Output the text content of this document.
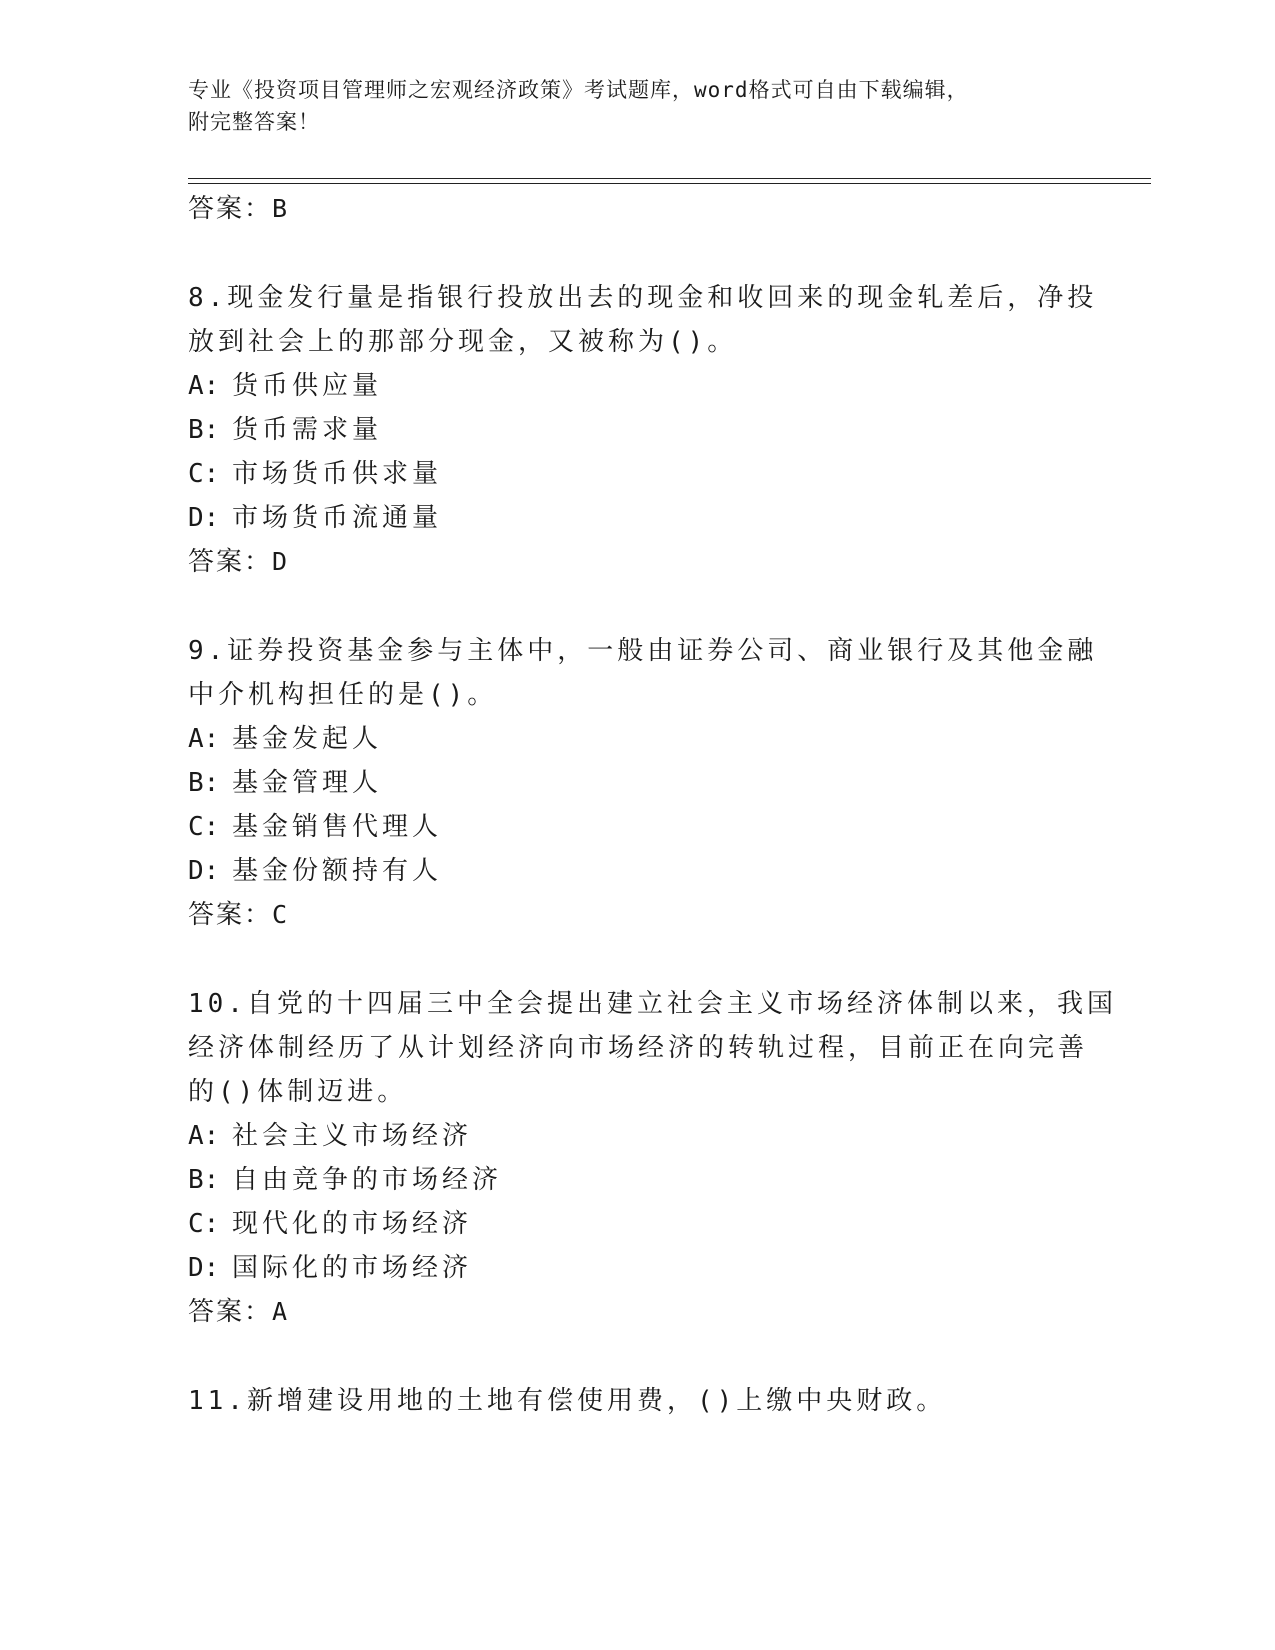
专业《投资项目管理师之宏观经济政策》考试题库，word格式可自由下载编辑，
附完整答案！
答案：B
8.现金发行量是指银行投放出去的现金和收回来的现金轧差后，净投
放到社会上的那部分现金，又被称为()。
A: 货币供应量
B: 货币需求量
C: 市场货币供求量
D: 市场货币流通量
答案：D
9.证券投资基金参与主体中，一般由证券公司、商业银行及其他金融
中介机构担任的是()。
A: 基金发起人
B: 基金管理人
C: 基金销售代理人
D: 基金份额持有人
答案：C
10.自党的十四届三中全会提出建立社会主义市场经济体制以来，我国
经济体制经历了从计划经济向市场经济的转轨过程，目前正在向完善
的()体制迈进。
A: 社会主义市场经济
B: 自由竞争的市场经济
C: 现代化的市场经济
D: 国际化的市场经济
答案：A
11.新增建设用地的土地有偿使用费，()上缴中央财政。
